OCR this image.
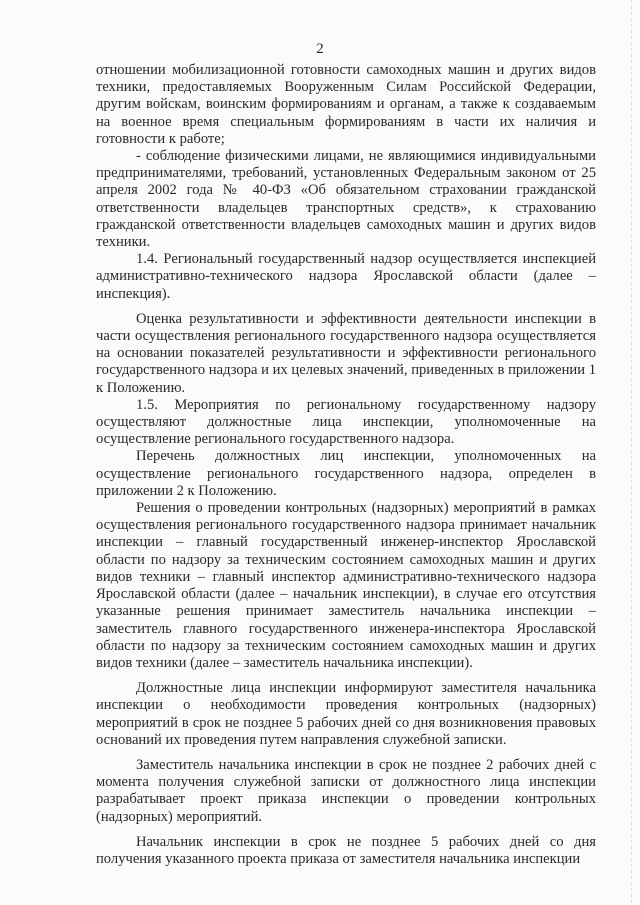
2

отношении мобилизационной готовности самоходных машин и других видов техники, предоставляемых Вооруженным Силам Российской Федерации, другим войскам, воинским формированиям и органам, а также к создаваемым на военное время специальным формированиям в части их наличия и готовности к работе;

- соблюдение физическими лицами, не являющимися индивидуальными предпринимателями, требований, установленных Федеральным законом от 25 апреля 2002 года № 40-ФЗ «Об обязательном страховании гражданской ответственности владельцев транспортных средств», к страхованию гражданской ответственности владельцев самоходных машин и других видов техники.

1.4. Региональный государственный надзор осуществляется инспекцией административно-технического надзора Ярославской области (далее – инспекция).

Оценка результативности и эффективности деятельности инспекции в части осуществления регионального государственного надзора осуществляется на основании показателей результативности и эффективности регионального государственного надзора и их целевых значений, приведенных в приложении 1 к Положению.

1.5. Мероприятия по региональному государственному надзору осуществляют должностные лица инспекции, уполномоченные на осуществление регионального государственного надзора.

Перечень должностных лиц инспекции, уполномоченных на осуществление регионального государственного надзора, определен в приложении 2 к Положению.

Решения о проведении контрольных (надзорных) мероприятий в рамках осуществления регионального государственного надзора принимает начальник инспекции – главный государственный инженер-инспектор Ярославской области по надзору за техническим состоянием самоходных машин и других видов техники – главный инспектор административно-технического надзора Ярославской области (далее – начальник инспекции), в случае его отсутствия указанные решения принимает заместитель начальника инспекции – заместитель главного государственного инженера-инспектора Ярославской области по надзору за техническим состоянием самоходных машин и других видов техники (далее – заместитель начальника инспекции).

Должностные лица инспекции информируют заместителя начальника инспекции о необходимости проведения контрольных (надзорных) мероприятий в срок не позднее 5 рабочих дней со дня возникновения правовых оснований их проведения путем направления служебной записки.

Заместитель начальника инспекции в срок не позднее 2 рабочих дней с момента получения служебной записки от должностного лица инспекции разрабатывает проект приказа инспекции о проведении контрольных (надзорных) мероприятий.

Начальник инспекции в срок не позднее 5 рабочих дней со дня получения указанного проекта приказа от заместителя начальника инспекции
